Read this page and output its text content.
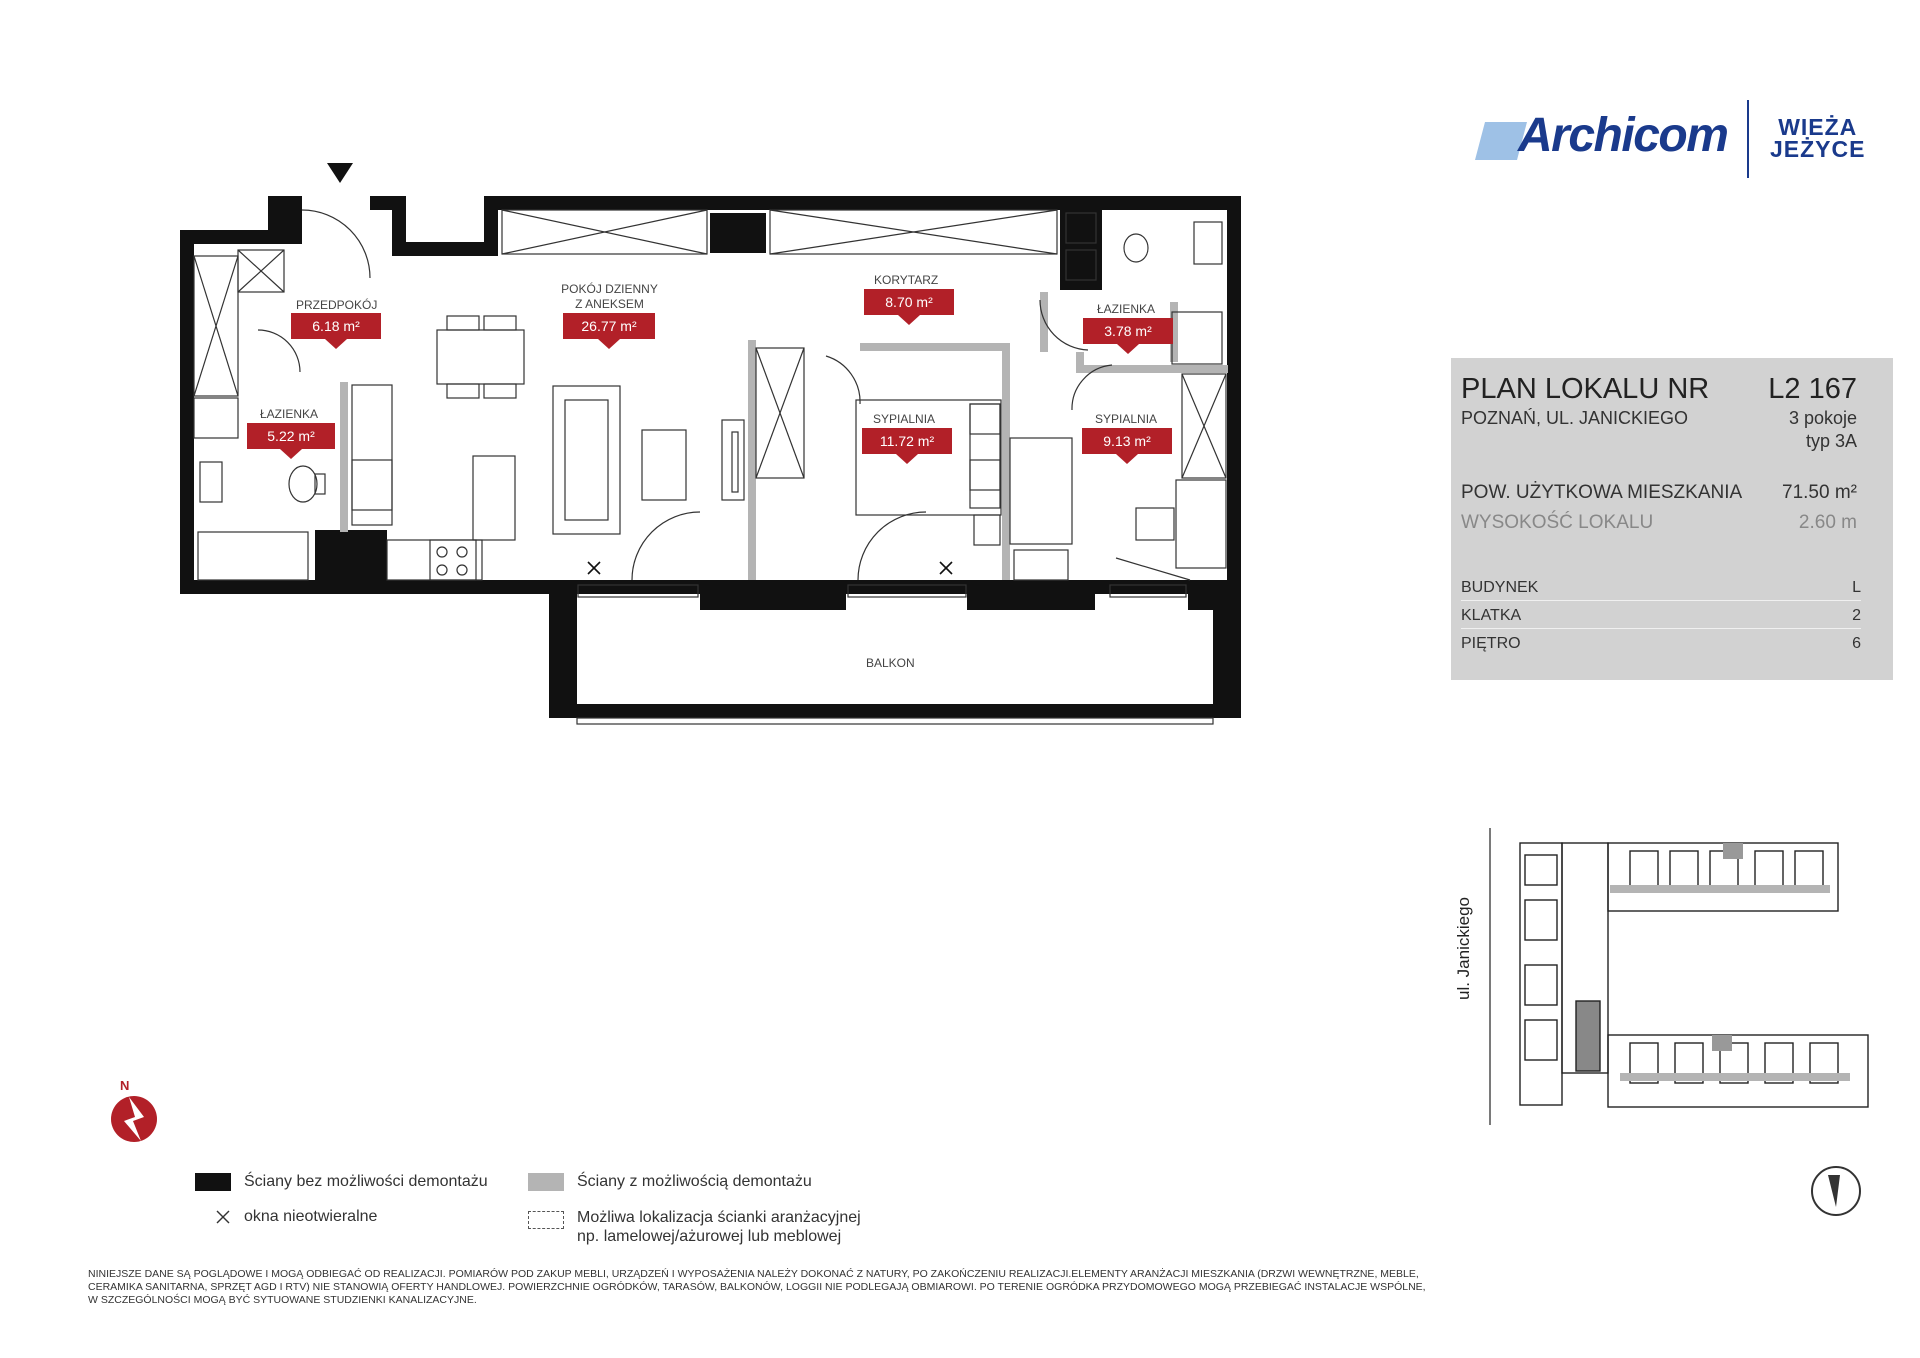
Archicom	WIEŻA
JEŻYCE
PLAN LOKALU NR L2 167
POZNAŃ, UL. JANICKIEGO	3 pokoje
typ 3A
POW. UŻYTKOWA MIESZKANIA 71.50 m²
WYSOKOŚĆ LOKALU	2.60 m
BUDYNEK	L
KLATKA	2
PIĘTRO	6
PRZEDPOKÓJ
6.18 m²
POKÓJ DZIENNY
Z ANEKSEM
26.77 m²
KORYTARZ
8.70 m²	ŁAZIENKA
3.78 m²
ŁAZIENKA
5.22 m²
SYPIALNIA
11.72 m²
SYPIALNIA
9.13 m²
BALKON
ul. Janickiego
N
Ściany bez możliwości demontażu	Ściany z możliwością demontażu
okna nieotwieralne	Możliwa lokalizacja ścianki aranżacyjnej
np. lamelowej/ażurowej lub meblowej
NINIEJSZE DANE SĄ POGLĄDOWE I MOGĄ ODBIEGAĆ OD REALIZACJI. POMIARÓW POD ZAKUP MEBLI, URZĄDZEŃ I WYPOSAŻENIA NALEŻY DOKONAĆ Z NATURY, PO ZAKOŃCZENIU REALIZACJI.ELEMENTY ARANŻACJI MIESZKANIA (DRZWI WEWNĘTRZNE, MEBLE, CERAMIKA SANITARNA, SPRZĘT AGD I RTV) NIE STANOWIĄ OFERTY HANDLOWEJ. POWIERZCHNIE OGRÓDKÓW, TARASÓW, BALKONÓW, LOGGII NIE PODLEGAJĄ OBMIAROWI. PO TERENIE OGRÓDKA PRZYDOMOWEGO MOGĄ PRZEBIEGAĆ INSTALACJE WSPÓLNE, W SZCZEGÓLNOŚCI MOGĄ BYĆ SYTUOWANE STUDZIENKI KANALIZACYJNE.
